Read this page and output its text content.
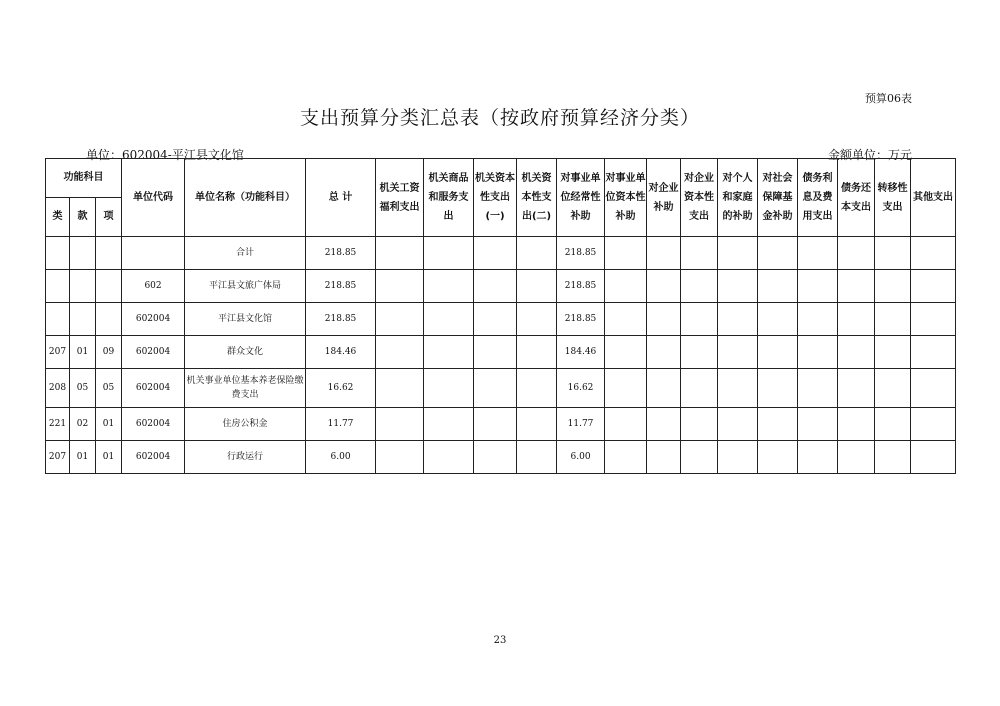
预算06表
支出预算分类汇总表（按政府预算经济分类）
单位：602004-平江县文化馆	金额单位：万元
功能科目			单位代码	单位名称（功能科目）	总 计	机关工资福利支出	机关商品和服务支出	机关资本性支出(一)	机关资本性支出(二)	对事业单位经常性补助	对事业单位资本性补助	对企业补助	对企业资本性支出	对个人和家庭的补助	对社会保障基金补助	债务利息及费用支出	债务还本支出	转移性支出	其他支出
类	款	项																	
				合计	218.85					218.85									
			602	平江县文旅广体局	218.85					218.85									
			602004	平江县文化馆	218.85					218.85									
207	01	09	602004	群众文化	184.46					184.46									
208	05	05	602004	机关事业单位基本养老保险缴费支出	16.62					16.62									
221	02	01	602004	住房公积金	11.77					11.77									
207	01	01	602004	行政运行	6.00					6.00									
23
